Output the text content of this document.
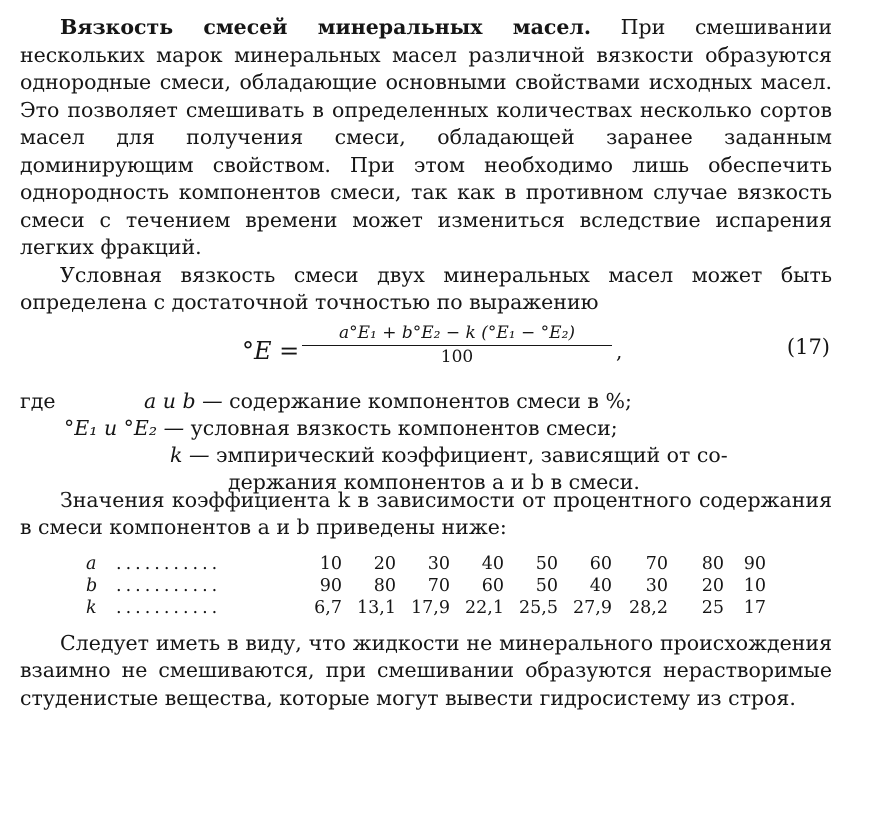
Вязкость смесей минеральных масел. При смешивании нескольких марок минеральных масел различной вязкости образуются однородные смеси, обладающие основными свойствами исходных масел. Это позволяет смешивать в определенных количествах несколько сортов масел для получения смеси, обладающей заранее заданным доминирующим свойством. При этом необходимо лишь обеспечить однородность компонентов смеси, так как в противном случае вязкость смеси с течением времени может измениться вследствие испарения легких фракций.

Условная вязкость смеси двух минеральных масел может быть определена с достаточной точностью по выражению

$^\circ E = \frac{\text{a°E₁ + b°E₂ − k (°E₁ − °E₂)}}{100}$ ,	(17)
где	a и b — содержание компонентов смеси в %;
°E₁ и °E₂ — условная вязкость компонентов смеси;
k — эмпирический коэффициент, зависящий от со-
держания компонентов a и b в смеси.

Значения коэффициента k в зависимости от процентного содержания в смеси компонентов a и b приведены ниже:

a ...........	10	20	30	40	50	60	70	80	90
b ...........	90	80	70	60	50	40	30	20	10
k ...........	6,7 13,1 17,9 22,1 25,5 27,9 28,2	25	17

Следует иметь в виду, что жидкости не минерального происхождения взаимно не смешиваются, при смешивании образуются нерастворимые студенистые вещества, которые могут вывести гидросистему из строя.
